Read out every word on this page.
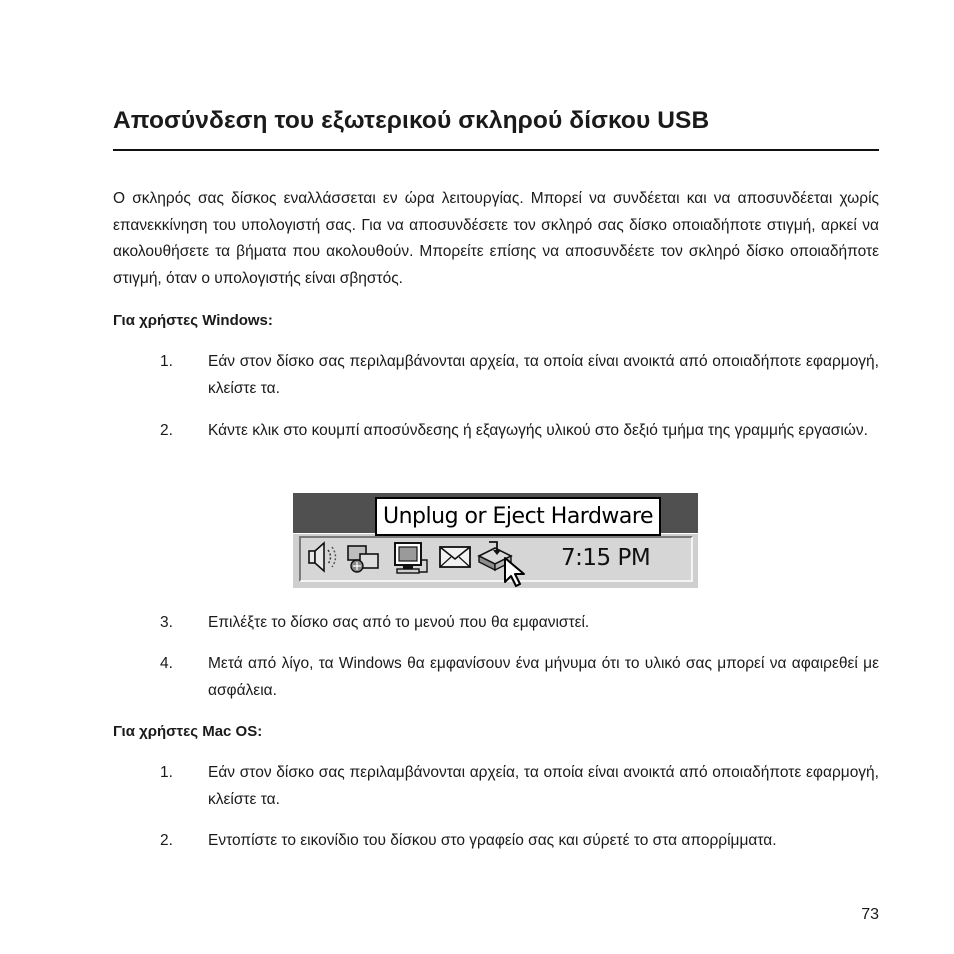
Αποσύνδεση του εξωτερικού σκληρού δίσκου USB
Ο σκληρός σας δίσκος εναλλάσσεται εν ώρα λειτουργίας. Μπορεί να συνδέεται και να αποσυνδέεται χωρίς επανεκκίνηση του υπολογιστή σας. Για να αποσυνδέσετε τον σκληρό σας δίσκο οποιαδήποτε στιγμή, αρκεί να ακολουθήσετε τα βήματα που ακολουθούν. Μπορείτε επίσης να αποσυνδέετε τον σκληρό δίσκο οποιαδήποτε στιγμή, όταν ο υπολογιστής είναι σβηστός.
Για χρήστες Windows:
1.	Εάν στον δίσκο σας περιλαμβάνονται αρχεία, τα οποία είναι ανοικτά από οποιαδήποτε εφαρμογή, κλείστε τα.
2.	Κάντε κλικ στο κουμπί αποσύνδεσης ή εξαγωγής υλικού στο δεξιό τμήμα της γραμμής εργασιών.
Unplug or Eject Hardware
7:15 PM
3.	Επιλέξτε το δίσκο σας από το μενού που θα εμφανιστεί.
4.	Μετά από λίγο, τα Windows θα εμφανίσουν ένα μήνυμα ότι το υλικό σας μπορεί να αφαιρεθεί με ασφάλεια.
Για χρήστες Mac OS:
1.	Εάν στον δίσκο σας περιλαμβάνονται αρχεία, τα οποία είναι ανοικτά από οποιαδήποτε εφαρμογή, κλείστε τα.
2.	Εντοπίστε το εικονίδιο του δίσκου στο γραφείο σας και σύρετέ το στα απορρίμματα.
73
